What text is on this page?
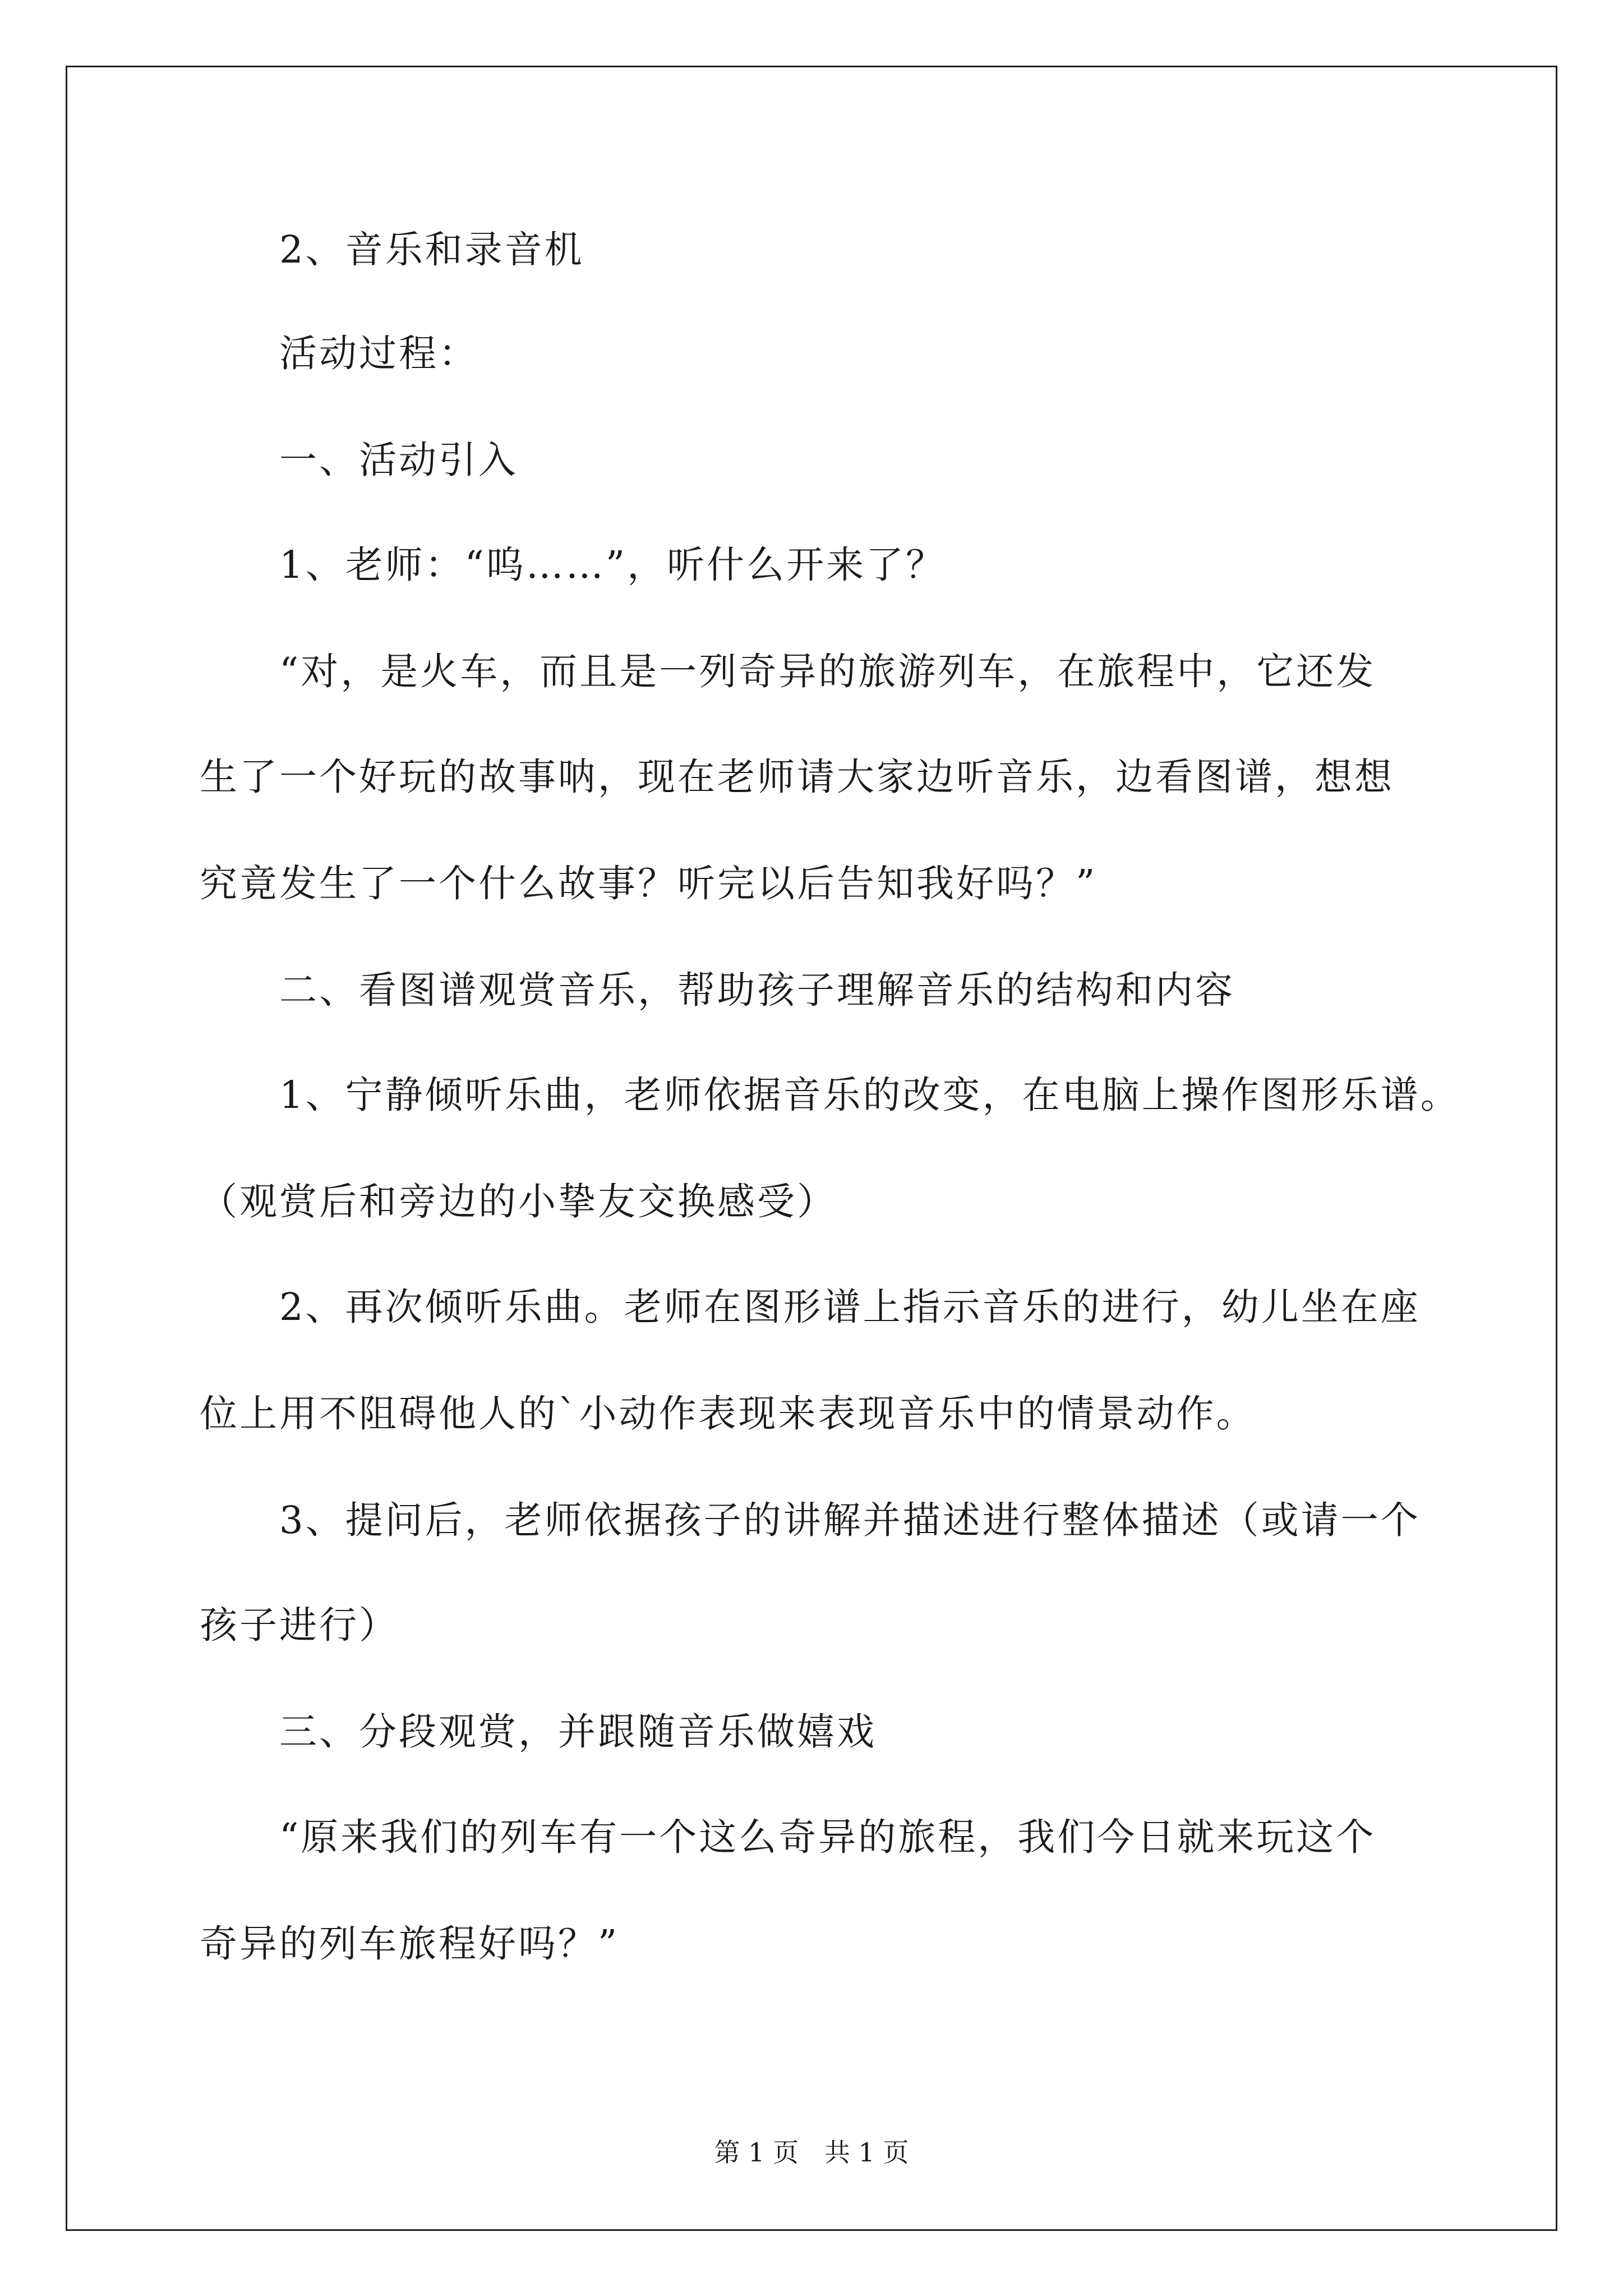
　　2、音乐和录音机
　　活动过程：
　　一、活动引入
　　1、老师：“呜……”，听什么开来了？
　　“对，是火车，而且是一列奇异的旅游列车，在旅程中，它还发
生了一个好玩的故事呐，现在老师请大家边听音乐，边看图谱，想想
究竟发生了一个什么故事？听完以后告知我好吗？”
　　二、看图谱观赏音乐，帮助孩子理解音乐的结构和内容
　　1、宁静倾听乐曲，老师依据音乐的改变，在电脑上操作图形乐谱。
（观赏后和旁边的小挚友交换感受）
　　2、再次倾听乐曲。老师在图形谱上指示音乐的进行，幼儿坐在座
位上用不阻碍他人的`小动作表现来表现音乐中的情景动作。
　　3、提问后，老师依据孩子的讲解并描述进行整体描述（或请一个
孩子进行）
　　三、分段观赏，并跟随音乐做嬉戏
　　“原来我们的列车有一个这么奇异的旅程，我们今日就来玩这个
奇异的列车旅程好吗？”
第 1 页　共 1 页
